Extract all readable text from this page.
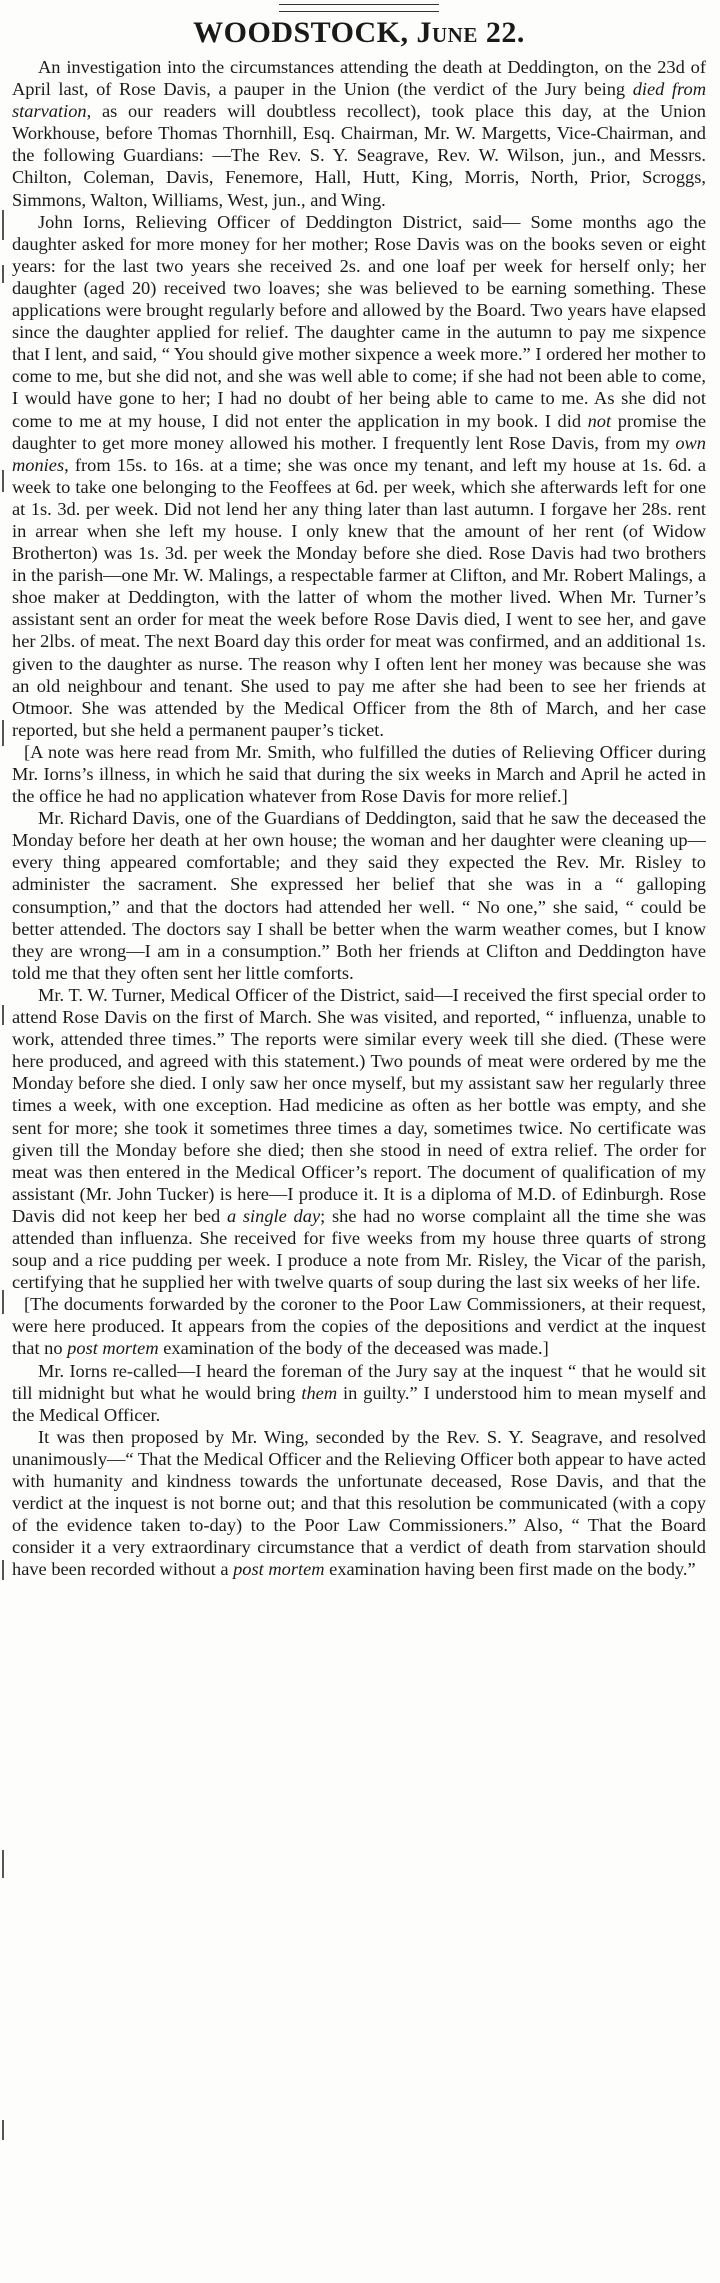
WOODSTOCK, June 22.

An investigation into the circumstances attending the death at Deddington, on the 23d of April last, of Rose Davis, a pauper in the Union (the verdict of the Jury being died from starvation, as our readers will doubtless recollect), took place this day, at the Union Workhouse, before Thomas Thornhill, Esq. Chairman, Mr. W. Margetts, Vice-Chairman, and the following Guardians: —The Rev. S. Y. Seagrave, Rev. W. Wilson, jun., and Messrs. Chilton, Coleman, Davis, Fenemore, Hall, Hutt, King, Morris, North, Prior, Scroggs, Simmons, Walton, Williams, West, jun., and Wing.

John Iorns, Relieving Officer of Deddington District, said— Some months ago the daughter asked for more money for her mother; Rose Davis was on the books seven or eight years: for the last two years she received 2s. and one loaf per week for herself only; her daughter (aged 20) received two loaves; she was believed to be earning something. These applications were brought regularly before and allowed by the Board. Two years have elapsed since the daughter applied for relief. The daughter came in the autumn to pay me sixpence that I lent, and said, “ You should give mother sixpence a week more.” I ordered her mother to come to me, but she did not, and she was well able to come; if she had not been able to come, I would have gone to her; I had no doubt of her being able to came to me. As she did not come to me at my house, I did not enter the application in my book. I did not promise the daughter to get more money allowed his mother. I frequently lent Rose Davis, from my own monies, from 15s. to 16s. at a time; she was once my tenant, and left my house at 1s. 6d. a week to take one belonging to the Feoffees at 6d. per week, which she afterwards left for one at 1s. 3d. per week. Did not lend her any thing later than last autumn. I forgave her 28s. rent in arrear when she left my house. I only knew that the amount of her rent (of Widow Brotherton) was 1s. 3d. per week the Monday before she died. Rose Davis had two brothers in the parish—one Mr. W. Malings, a respectable farmer at Clifton, and Mr. Robert Malings, a shoe maker at Deddington, with the latter of whom the mother lived. When Mr. Turner’s assistant sent an order for meat the week before Rose Davis died, I went to see her, and gave her 2lbs. of meat. The next Board day this order for meat was confirmed, and an additional 1s. given to the daughter as nurse. The reason why I often lent her money was because she was an old neighbour and tenant. She used to pay me after she had been to see her friends at Otmoor. She was attended by the Medical Officer from the 8th of March, and her case reported, but she held a permanent pauper’s ticket.

[A note was here read from Mr. Smith, who fulfilled the duties of Relieving Officer during Mr. Iorns’s illness, in which he said that during the six weeks in March and April he acted in the office he had no application whatever from Rose Davis for more relief.]

Mr. Richard Davis, one of the Guardians of Deddington, said that he saw the deceased the Monday before her death at her own house; the woman and her daughter were cleaning up— every thing appeared comfortable; and they said they expected the Rev. Mr. Risley to administer the sacrament. She expressed her belief that she was in a “ galloping consumption,” and that the doctors had attended her well. “ No one,” she said, “ could be better attended. The doctors say I shall be better when the warm weather comes, but I know they are wrong—I am in a consumption.” Both her friends at Clifton and Deddington have told me that they often sent her little comforts.

Mr. T. W. Turner, Medical Officer of the District, said—I received the first special order to attend Rose Davis on the first of March. She was visited, and reported, “ influenza, unable to work, attended three times.” The reports were similar every week till she died. (These were here produced, and agreed with this statement.) Two pounds of meat were ordered by me the Monday before she died. I only saw her once myself, but my assistant saw her regularly three times a week, with one exception. Had medicine as often as her bottle was empty, and she sent for more; she took it sometimes three times a day, sometimes twice. No certificate was given till the Monday before she died; then she stood in need of extra relief. The order for meat was then entered in the Medical Officer’s report. The document of qualification of my assistant (Mr. John Tucker) is here—I produce it. It is a diploma of M.D. of Edinburgh. Rose Davis did not keep her bed a single day; she had no worse complaint all the time she was attended than influenza. She received for five weeks from my house three quarts of strong soup and a rice pudding per week. I produce a note from Mr. Risley, the Vicar of the parish, certifying that he supplied her with twelve quarts of soup during the last six weeks of her life.

[The documents forwarded by the coroner to the Poor Law Commissioners, at their request, were here produced. It appears from the copies of the depositions and verdict at the inquest that no post mortem examination of the body of the deceased was made.]

Mr. Iorns re-called—I heard the foreman of the Jury say at the inquest “ that he would sit till midnight but what he would bring them in guilty.” I understood him to mean myself and the Medical Officer.

It was then proposed by Mr. Wing, seconded by the Rev. S. Y. Seagrave, and resolved unanimously—“ That the Medical Officer and the Relieving Officer both appear to have acted with humanity and kindness towards the unfortunate deceased, Rose Davis, and that the verdict at the inquest is not borne out; and that this resolution be communicated (with a copy of the evidence taken to-day) to the Poor Law Commissioners.” Also, “ That the Board consider it a very extraordinary circumstance that a verdict of death from starvation should have been recorded without a post mortem examination having been first made on the body.”
